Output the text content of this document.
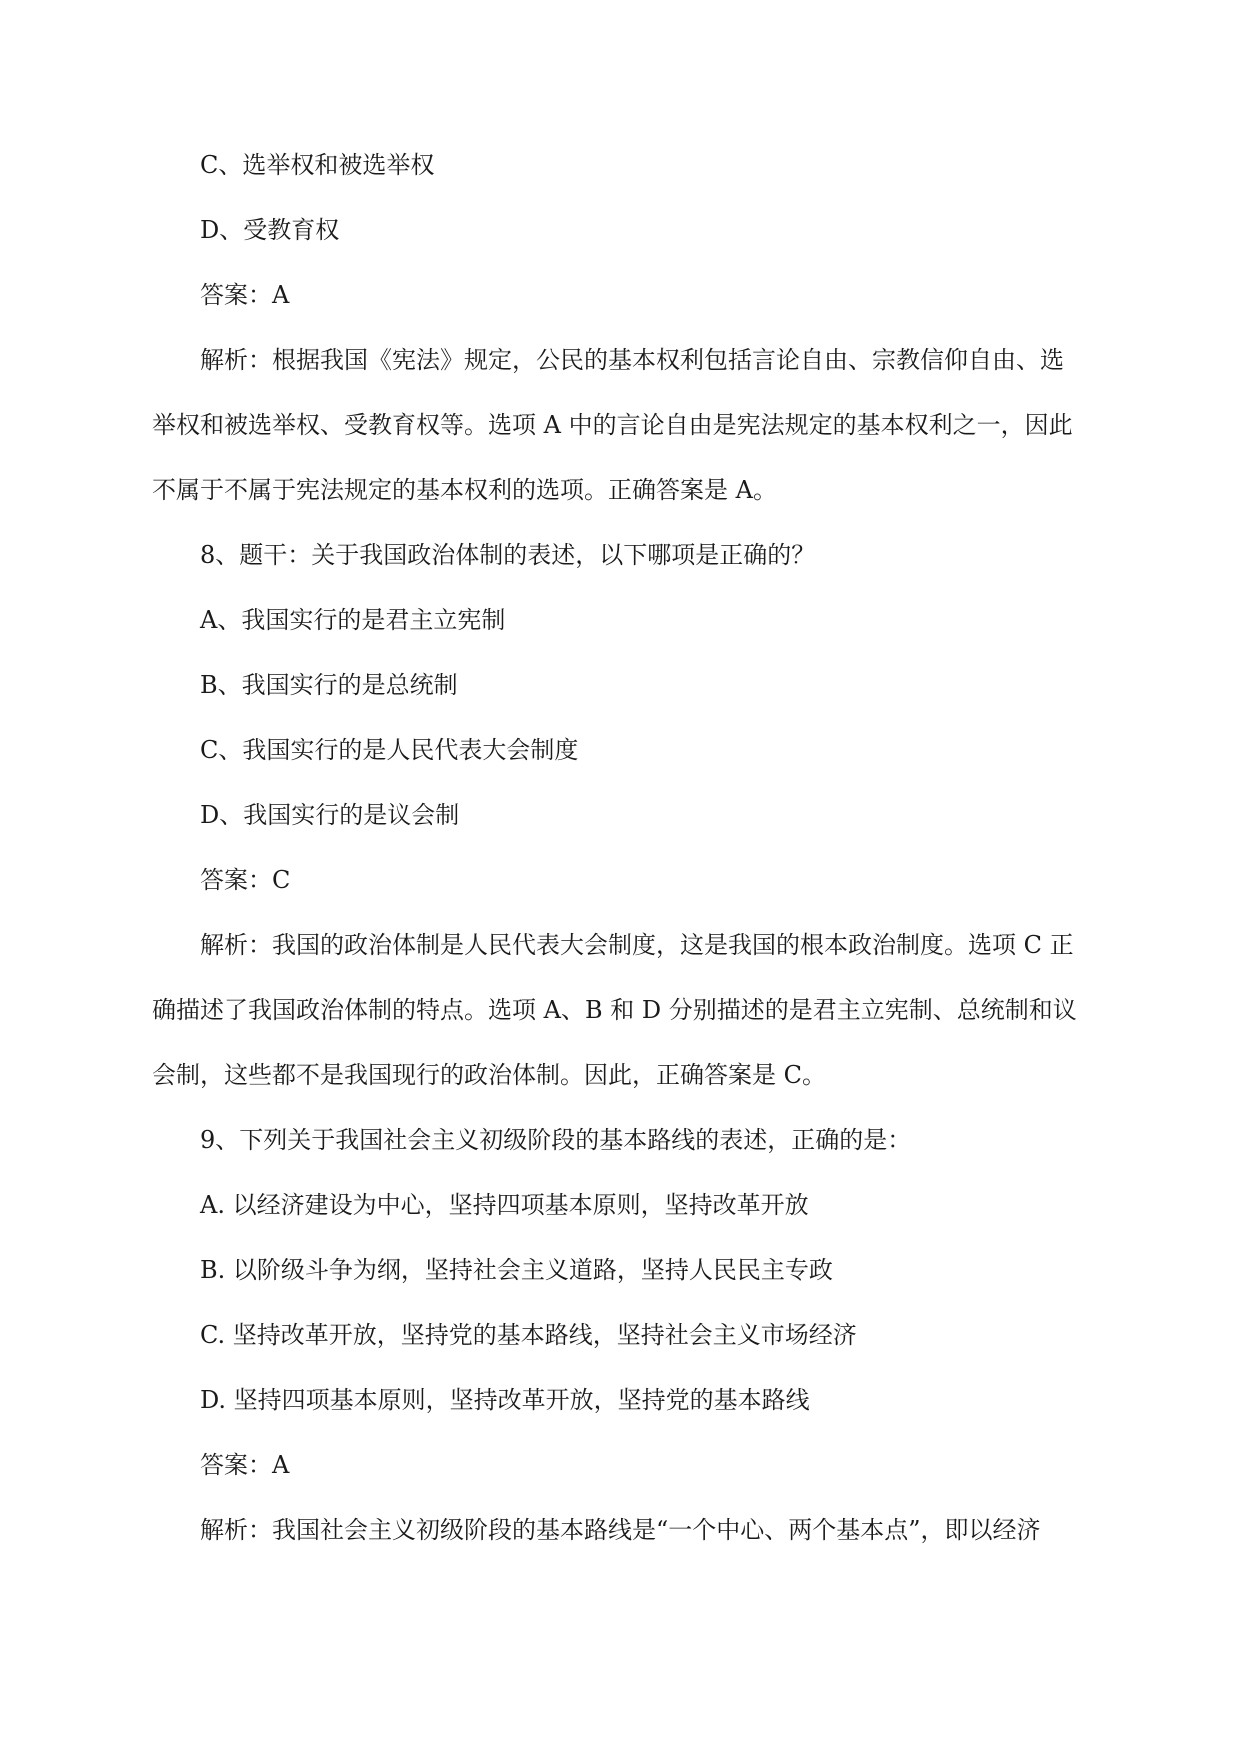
C、选举权和被选举权

D、受教育权

答案：A

解析：根据我国《宪法》规定，公民的基本权利包括言论自由、宗教信仰自由、选

举权和被选举权、受教育权等。选项 A 中的言论自由是宪法规定的基本权利之一，因此

不属于不属于宪法规定的基本权利的选项。正确答案是 A。

8、题干：关于我国政治体制的表述，以下哪项是正确的？

A、我国实行的是君主立宪制

B、我国实行的是总统制

C、我国实行的是人民代表大会制度

D、我国实行的是议会制

答案：C

解析：我国的政治体制是人民代表大会制度，这是我国的根本政治制度。选项 C 正

确描述了我国政治体制的特点。选项 A、B 和 D 分别描述的是君主立宪制、总统制和议

会制，这些都不是我国现行的政治体制。因此，正确答案是 C。

9、下列关于我国社会主义初级阶段的基本路线的表述，正确的是：

A. 以经济建设为中心，坚持四项基本原则，坚持改革开放

B. 以阶级斗争为纲，坚持社会主义道路，坚持人民民主专政

C. 坚持改革开放，坚持党的基本路线，坚持社会主义市场经济

D. 坚持四项基本原则，坚持改革开放，坚持党的基本路线

答案：A

解析：我国社会主义初级阶段的基本路线是“一个中心、两个基本点”，即以经济
